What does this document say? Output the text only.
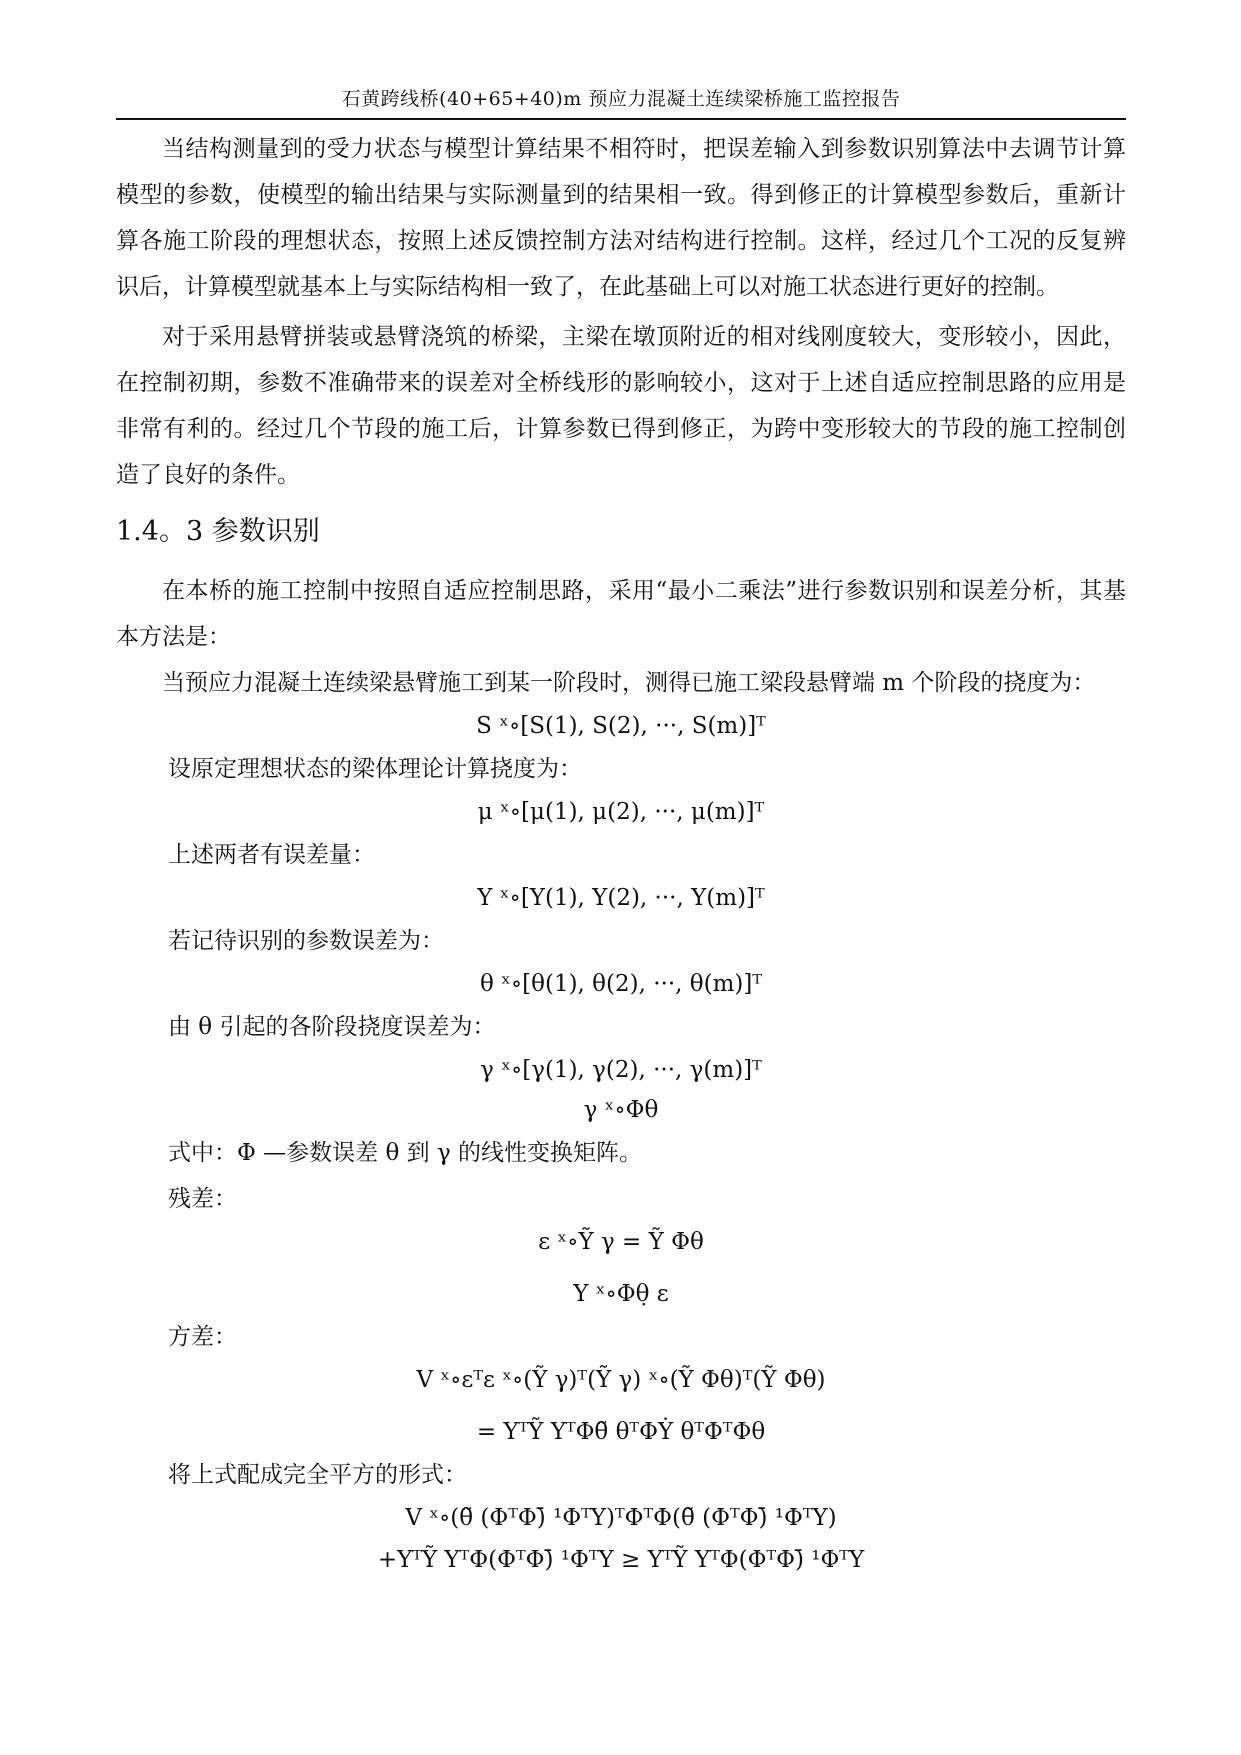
石黄跨线桥(40+65+40)m 预应力混凝土连续梁桥施工监控报告

当结构测量到的受力状态与模型计算结果不相符时，把误差输入到参数识别算法中去调节计算模型的参数，使模型的输出结果与实际测量到的结果相一致。得到修正的计算模型参数后，重新计算各施工阶段的理想状态，按照上述反馈控制方法对结构进行控制。这样，经过几个工况的反复辨识后，计算模型就基本上与实际结构相一致了，在此基础上可以对施工状态进行更好的控制。

对于采用悬臂拼装或悬臂浇筑的桥梁，主梁在墩顶附近的相对线刚度较大，变形较小，因此，在控制初期，参数不准确带来的误差对全桥线形的影响较小，这对于上述自适应控制思路的应用是非常有利的。经过几个节段的施工后，计算参数已得到修正，为跨中变形较大的节段的施工控制创造了良好的条件。

1.4。3 参数识别

在本桥的施工控制中按照自适应控制思路，采用“最小二乘法”进行参数识别和误差分析，其基本方法是：

当预应力混凝土连续梁悬臂施工到某一阶段时，测得已施工梁段悬臂端 m 个阶段的挠度为：

S ˣ∘[S(1), S(2), ···, S(m)]ᵀ

设原定理想状态的梁体理论计算挠度为：

μ ˣ∘[μ(1), μ(2), ···, μ(m)]ᵀ

上述两者有误差量：

Y ˣ∘[Y(1), Y(2), ···, Y(m)]ᵀ

若记待识别的参数误差为：

θ ˣ∘[θ(1), θ(2), ···, θ(m)]ᵀ

由 θ 引起的各阶段挠度误差为：

γ ˣ∘[γ(1), γ(2), ···, γ(m)]ᵀ
γ ˣ∘Φθ

式中：Φ —参数误差 θ 到 γ 的线性变换矩阵。

残差：

ε ˣ∘Ỹ γ = Ỹ Φθ
Y ˣ∘Φθ̣ ε

方差：

V ˣ∘εᵀε ˣ∘(Ỹ γ)ᵀ(Ỹ γ) ˣ∘(Ỹ Φθ)ᵀ(Ỹ Φθ)
= YᵀỸ YᵀΦθ̃ θᵀΦẎ θᵀΦᵀΦθ

将上式配成完全平方的形式：

V ˣ∘(θ̃ (ΦᵀΦ)̄ ¹ΦᵀY)ᵀΦᵀΦ(θ̃ (ΦᵀΦ)̄ ¹ΦᵀY)
+YᵀỸ YᵀΦ(ΦᵀΦ)̄ ¹ΦᵀY ≥ YᵀỸ YᵀΦ(ΦᵀΦ)̄ ¹ΦᵀY
